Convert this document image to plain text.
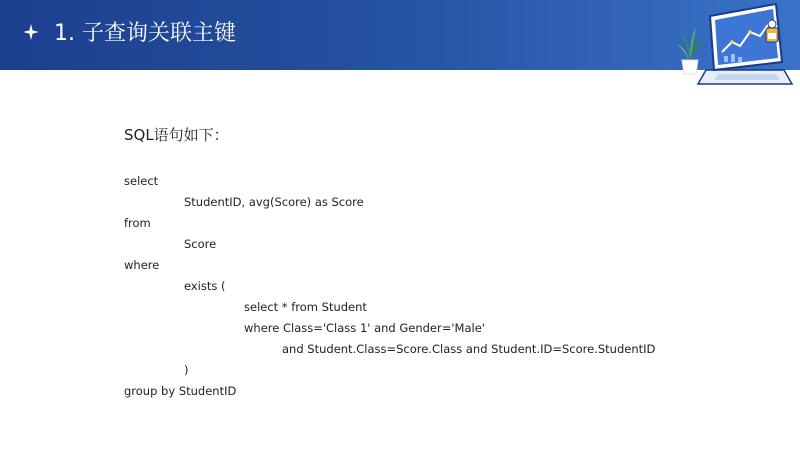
1. 子查询关联主键
SQL语句如下：
select
StudentID, avg(Score) as Score
from
Score
where
exists (
select * from Student
where Class='Class 1' and Gender='Male'
and Student.Class=Score.Class and Student.ID=Score.StudentID
)
group by StudentID
